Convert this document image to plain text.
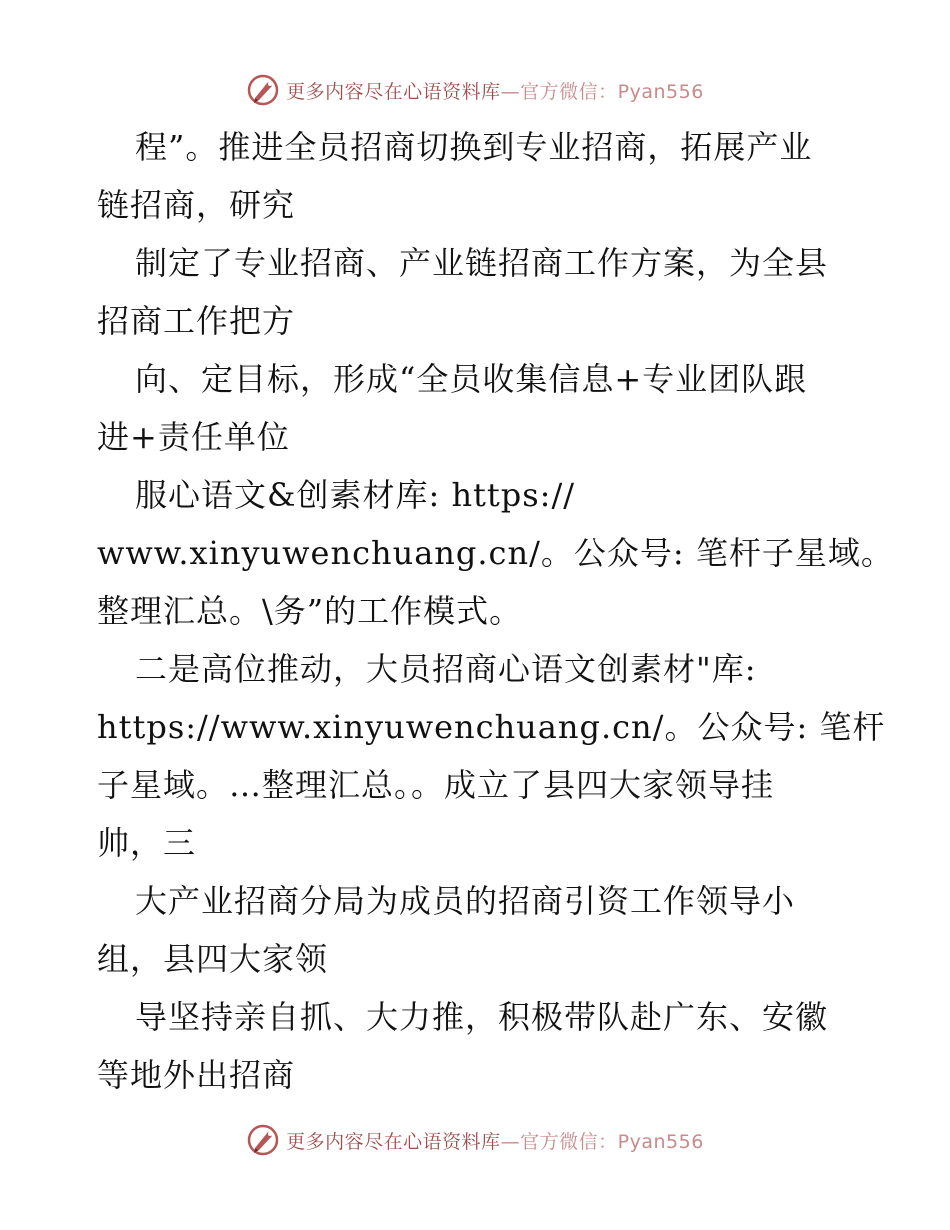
更多内容尽在心语资料库—官方微信：Pyan556
程”。推进全员招商切换到专业招商，拓展产业
链招商，研究
制定了专业招商、产业链招商工作方案，为全县
招商工作把方
向、定目标，形成“全员收集信息+专业团队跟
进+责任单位
服心语文&创素材库: https://
www.xinyuwenchuang.cn/。公众号: 笔杆子星域。
整理汇总。\务”的工作模式。
二是高位推动，大员招商心语文创素材"库:
https://www.xinyuwenchuang.cn/。公众号: 笔杆
子星域。…整理汇总。。成立了县四大家领导挂
帅，三
大产业招商分局为成员的招商引资工作领导小
组，县四大家领
导坚持亲自抓、大力推，积极带队赴广东、安徽
等地外出招商
更多内容尽在心语资料库—官方微信：Pyan556
